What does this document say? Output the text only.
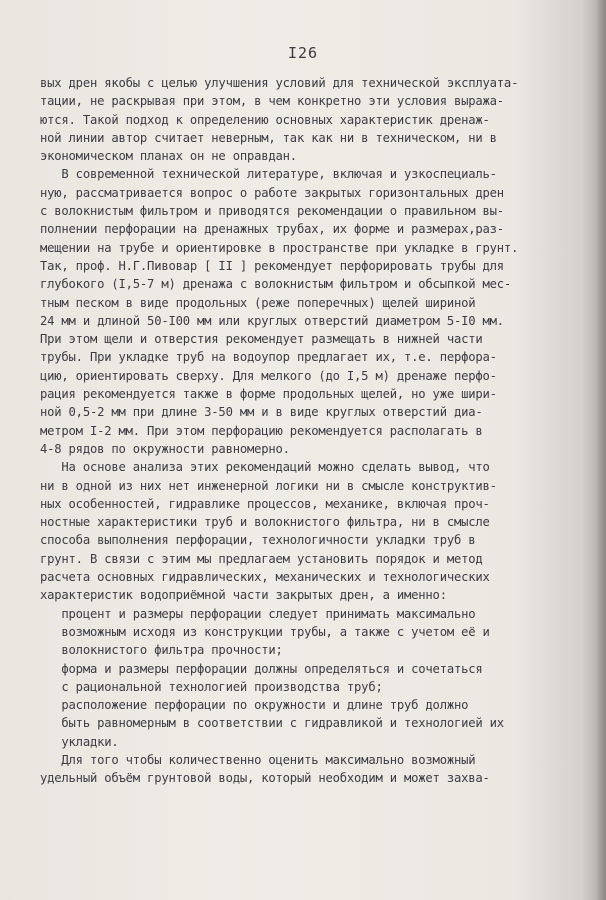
I26
вых дрен якобы с целью улучшения условий для технической эксплуата-
тации, не раскрывая при этом, в чем конкретно эти условия выража-
ются. Такой подход к определению основных характеристик дренаж-
ной линии автор считает неверным, так как ни в техническом, ни в
экономическом планах он не оправдан.
В современной технической литературе, включая и узкоспециаль-
ную, рассматривается вопрос о работе закрытых горизонтальных дрен
с волокнистым фильтром и приводятся рекомендации о правильном вы-
полнении перфорации на дренажных трубах, их форме и размерах,раз-
мещении на трубе и ориентировке в пространстве при укладке в грунт.
Так, проф. Н.Г.Пивовар [ II ] рекомендует перфорировать трубы для
глубокого (I,5-7 м) дренажа с волокнистым фильтром и обсыпкой мес-
тным песком в виде продольных (реже поперечных) щелей шириной
24 мм и длиной 50-I00 мм или круглых отверстий диаметром 5-I0 мм.
При этом щели и отверстия рекомендует размещать в нижней части
трубы. При укладке труб на водоупор предлагает их, т.е. перфора-
цию, ориентировать сверху. Для мелкого (до I,5 м) дренаже перфо-
рация рекомендуется также в форме продольных щелей, но уже шири-
ной 0,5-2 мм при длине 3-50 мм и в виде круглых отверстий диа-
метром I-2 мм. При этом перфорацию рекомендуется располагать в
4-8 рядов по окружности равномерно.
На основе анализа этих рекомендаций можно сделать вывод, что
ни в одной из них нет инженерной логики ни в смысле конструктив-
ных особенностей, гидравлике процессов, механике, включая проч-
ностные характеристики труб и волокнистого фильтра, ни в смысле
способа выполнения перфорации, технологичности укладки труб в
грунт. В связи с этим мы предлагаем установить порядок и метод
расчета основных гидравлических, механических и технологических
характеристик водоприёмной части закрытых дрен, а именно:
процент и размеры перфорации следует принимать максимально
возможным исходя из конструкции трубы, а также с учетом её и
волокнистого фильтра прочности;
форма и размеры перфорации должны определяться и сочетаться
с рациональной технологией производства труб;
расположение перфорации по окружности и длине труб должно
быть равномерным в соответствии с гидравликой и технологией их
укладки.
Для того чтобы количественно оценить максимально возможный
удельный объём грунтовой воды, который необходим и может захва-
